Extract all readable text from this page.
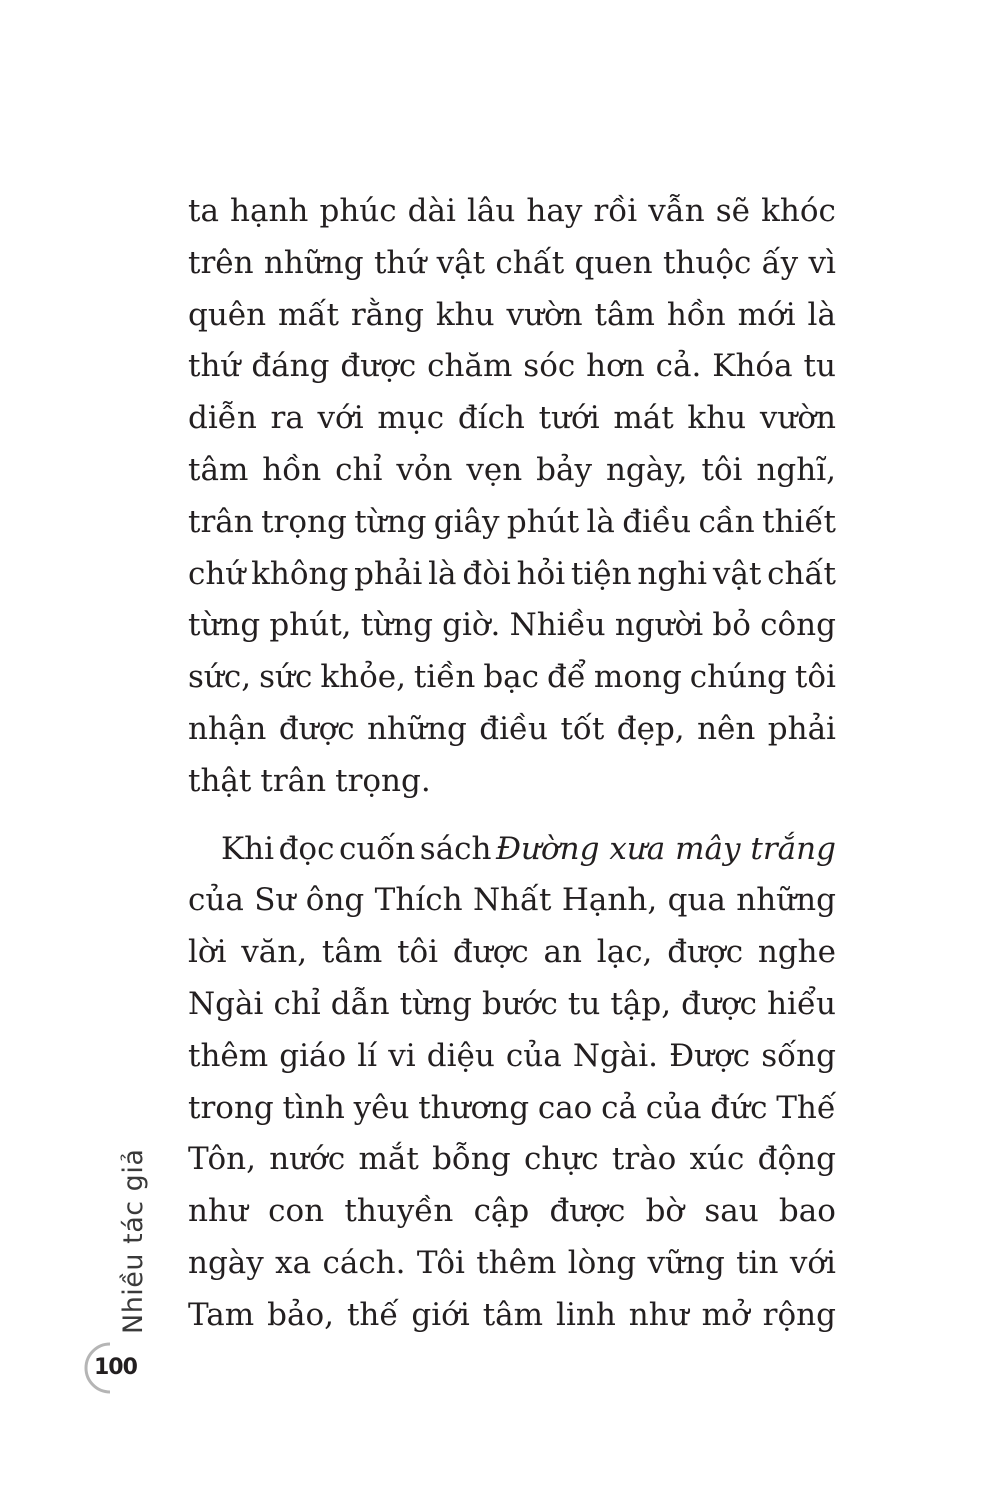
ta hạnh phúc dài lâu hay rồi vẫn sẽ khóc
trên những thứ vật chất quen thuộc ấy vì
quên mất rằng khu vườn tâm hồn mới là
thứ đáng được chăm sóc hơn cả. Khóa tu
diễn ra với mục đích tưới mát khu vườn
tâm hồn chỉ vỏn vẹn bảy ngày, tôi nghĩ,
trân trọng từng giây phút là điều cần thiết
chứ không phải là đòi hỏi tiện nghi vật chất
từng phút, từng giờ. Nhiều người bỏ công
sức, sức khỏe, tiền bạc để mong chúng tôi
nhận được những điều tốt đẹp, nên phải
thật trân trọng.
Khi đọc cuốn sách Đường xưa mây trắng
của Sư ông Thích Nhất Hạnh, qua những
lời văn, tâm tôi được an lạc, được nghe
Ngài chỉ dẫn từng bước tu tập, được hiểu
thêm giáo lí vi diệu của Ngài. Được sống
trong tình yêu thương cao cả của đức Thế
Tôn, nước mắt bỗng chực trào xúc động
như con thuyền cập được bờ sau bao
ngày xa cách. Tôi thêm lòng vững tin với
Tam bảo, thế giới tâm linh như mở rộng
Nhiều tác giả
100
